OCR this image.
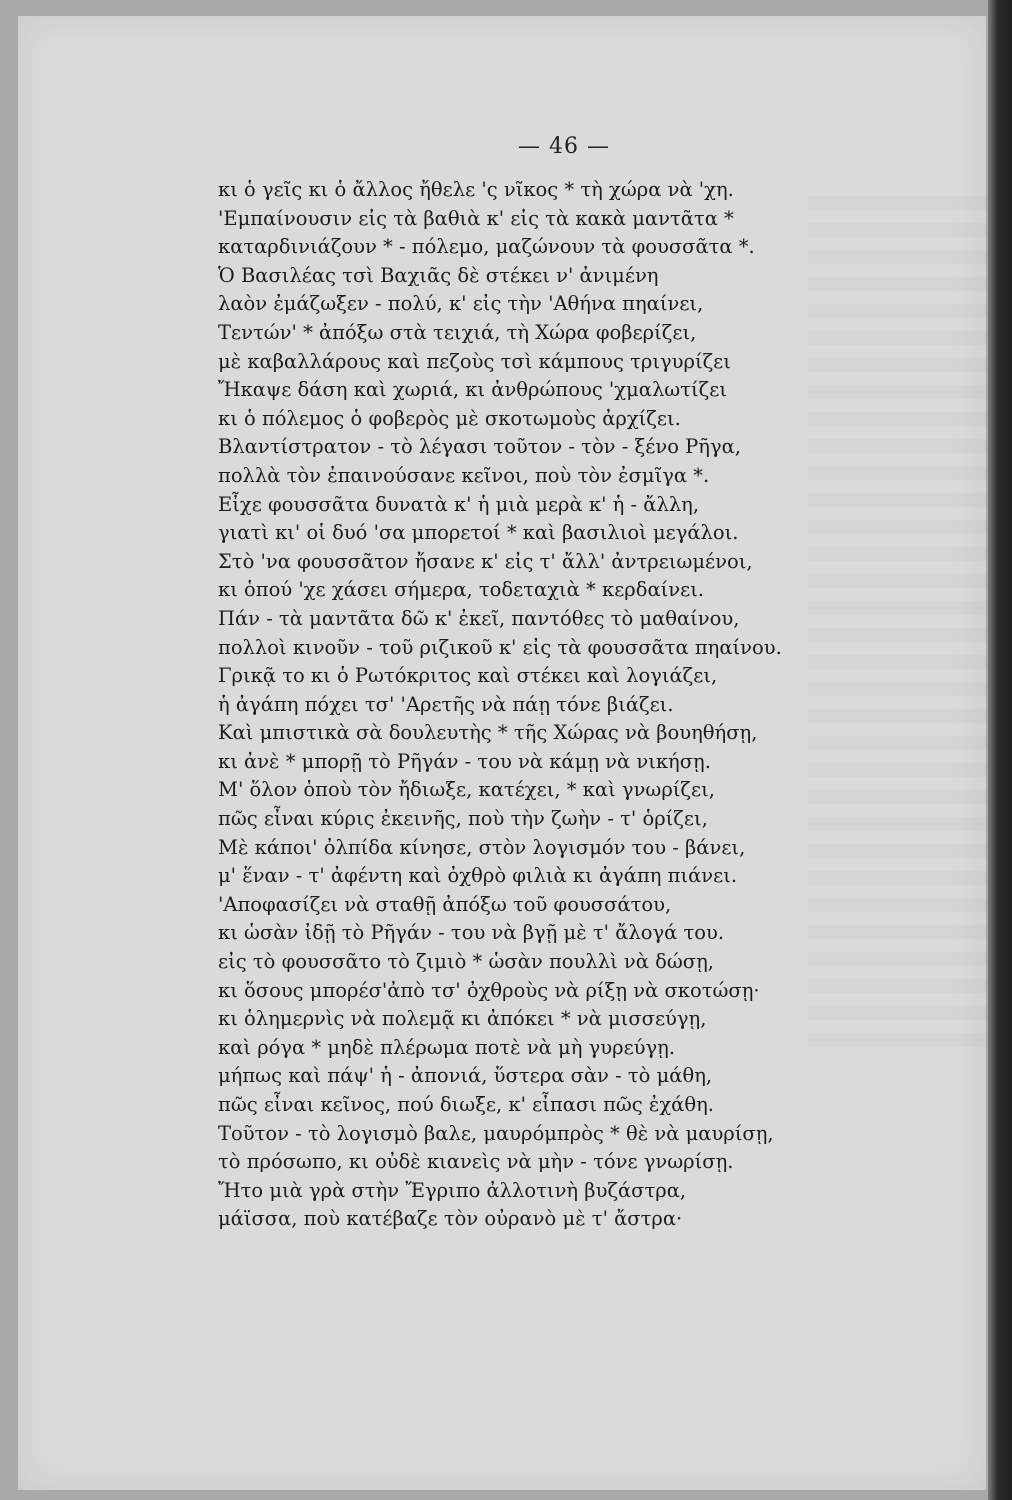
— 46 —
κι ὁ γεῖς κι ὁ ἄλλος ἤθελε 'ς νῖκος * τὴ χώρα νὰ 'χη.
'Εμπαίνουσιν εἰς τὰ βαθιὰ κ' εἰς τὰ κακὰ μαντᾶτα *
καταρδινιάζουν * - πόλεμο, μαζώνουν τὰ φουσσᾶτα *.
Ὁ Βασιλέας τσὶ Βαχιᾶς δὲ στέκει ν' ἀνιμένη
λαὸν ἐμάζωξεν - πολύ, κ' εἰς τὴν 'Αθήνα πηαίνει,
Τεντών' * ἀπόξω στὰ τειχιά, τὴ Χώρα φοβερίζει,
μὲ καβαλλάρους καὶ πεζοὺς τσὶ κάμπους τριγυρίζει
Ἤκαψε δάση καὶ χωριά, κι ἀνθρώπους 'χμαλωτίζει
κι ὁ πόλεμος ὁ φοβερὸς μὲ σκοτωμοὺς ἀρχίζει.
Βλαντίστρατον - τὸ λέγασι τοῦτον - τὸν - ξένο Ρῆγα,
πολλὰ τὸν ἐπαινούσανε κεῖνοι, ποὺ τὸν ἐσμῖγα *.
Εἶχε φουσσᾶτα δυνατὰ κ' ἡ μιὰ μερὰ κ' ἡ - ἄλλη,
γιατὶ κι' οἱ δυό 'σα μπορετοί * καὶ βασιλιοὶ μεγάλοι.
Στὸ 'να φουσσᾶτον ἤσανε κ' εἰς τ' ἄλλ' ἀντρειωμένοι,
κι ὁπού 'χε χάσει σήμερα, τοδεταχιὰ * κερδαίνει.
Πάν - τὰ μαντᾶτα δῶ κ' ἐκεῖ, παντόθες τὸ μαθαίνου,
πολλοὶ κινοῦν - τοῦ ριζικοῦ κ' εἰς τὰ φουσσᾶτα πηαίνου.
Γρικᾷ το κι ὁ Ρωτόκριτος καὶ στέκει καὶ λογιάζει,
ἡ ἀγάπη πόχει τσ' 'Αρετῆς νὰ πάῃ τόνε βιάζει.
Καὶ μπιστικὰ σὰ δουλευτὴς * τῆς Χώρας νὰ βουηθήσῃ,
κι ἀνὲ * μπορῇ τὸ Ρῆγάν - του νὰ κάμῃ νὰ νικήσῃ.
Μ' ὅλον ὁποὺ τὸν ἤδιωξε, κατέχει, * καὶ γνωρίζει,
πῶς εἶναι κύρις ἐκεινῆς, ποὺ τὴν ζωὴν - τ' ὁρίζει,
Μὲ κάποι' ὀλπίδα κίνησε, στὸν λογισμόν του - βάνει,
μ' ἕναν - τ' ἀφέντη καὶ ὀχθρὸ φιλιὰ κι ἀγάπη πιάνει.
'Αποφασίζει νὰ σταθῇ ἀπόξω τοῦ φουσσάτου,
κι ὡσὰν ἰδῇ τὸ Ρῆγάν - του νὰ βγῇ μὲ τ' ἄλογά του.
εἰς τὸ φουσσᾶτο τὸ ζιμιὸ * ὡσὰν πουλλὶ νὰ δώσῃ,
κι ὅσους μπορέσ'ἀπὸ τσ' ὀχθροὺς νὰ ρίξῃ νὰ σκοτώσῃ·
κι ὁλημερνὶς νὰ πολεμᾷ κι ἀπόκει * νὰ μισσεύγῃ,
καὶ ρόγα * μηδὲ πλέρωμα ποτὲ νὰ μὴ γυρεύγῃ.
μήπως καὶ πάψ' ἡ - ἀπονιά, ὕστερα σὰν - τὸ μάθη,
πῶς εἶναι κεῖνος, πού διωξε, κ' εἶπασι πῶς ἐχάθη.
Τοῦτον - τὸ λογισμὸ βαλε, μαυρόμπρὸς * θὲ νὰ μαυρίσῃ,
τὸ πρόσωπο, κι οὐδὲ κιανεὶς νὰ μὴν - τόνε γνωρίσῃ.
Ἤτο μιὰ γρὰ στὴν Ἔγριπο ἀλλοτινὴ βυζάστρα,
μάϊσσα, ποὺ κατέβαζε τὸν οὐρανὸ μὲ τ' ἄστρα·
